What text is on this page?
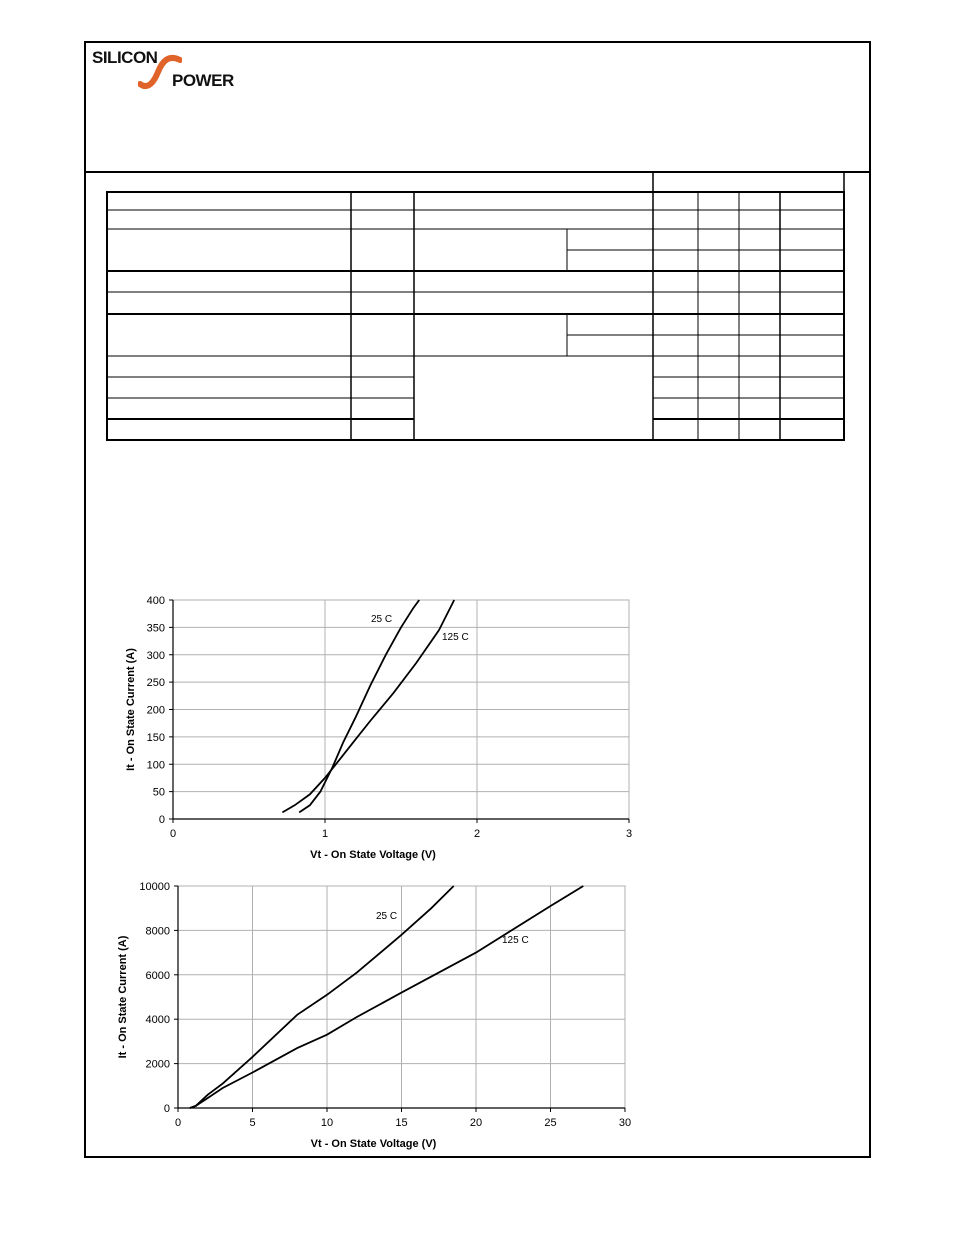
SILICON
POWER
0	1	2	3
0
50
100
150
200
250
300
350
400
Vt - On State Voltage (V)
It - On State Current (A)
25 C
125 C
0	5	10	15	20	25	30
0
2000
4000
6000
8000
10000
Vt - On State Voltage (V)
It - On State Current (A)
25 C
125 C
